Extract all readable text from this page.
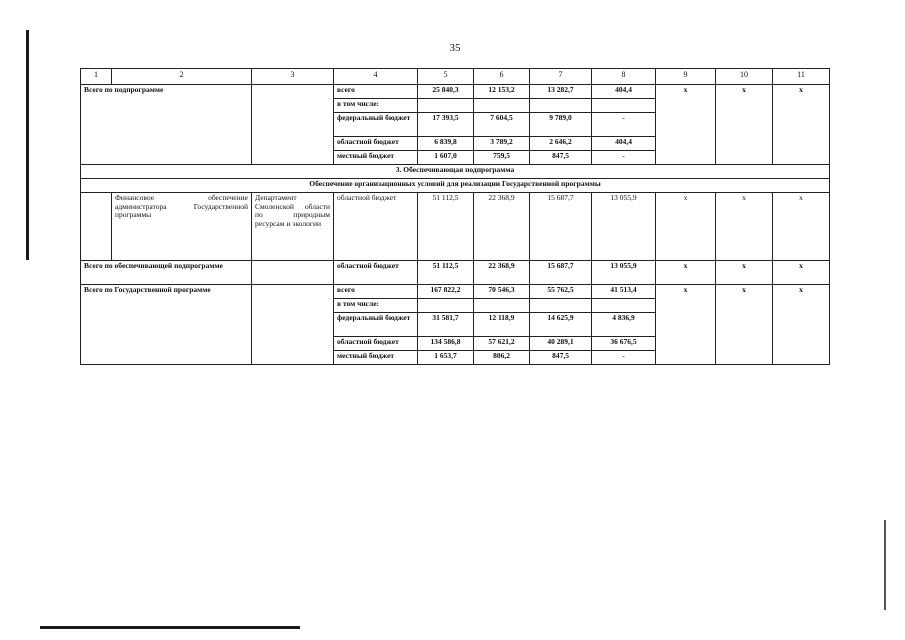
35
1	2	3	4	5	6	7	8	9	10	11
Всего по подпрограмме			всего	25 840,3	12 153,2	13 282,7	404,4	х	х	х
			в том числе:							
			федеральный бюджет	17 393,5	7 604,5	9 789,0	-			
			областной бюджет	6 839,8	3 789,2	2 646,2	404,4			
			местный бюджет	1 607,0	759,5	847,5	-			
3. Обеспечивающая подпрограмма										
Обеспечение организационных условий для реализации Государственной программы										
	Финансовое обеспечение администратора Государственной программы	Департамент Смоленской области по природным ресурсам и экологии	областной бюджет	51 112,5	22 368,9	15 687,7	13 055,9	х	х	х
Всего по обеспечивающей подпрограмме			областной бюджет	51 112,5	22 368,9	15 687,7	13 055,9	х	х	х
Всего по Государственной программе			всего	167 822,2	70 546,3	55 762,5	41 513,4	х	х	х
			в том числе:							
			федеральный бюджет	31 581,7	12 118,9	14 625,9	4 836,9			
			областной бюджет	134 586,8	57 621,2	40 289,1	36 676,5			
			местный бюджет	1 653,7	806,2	847,5	-			
